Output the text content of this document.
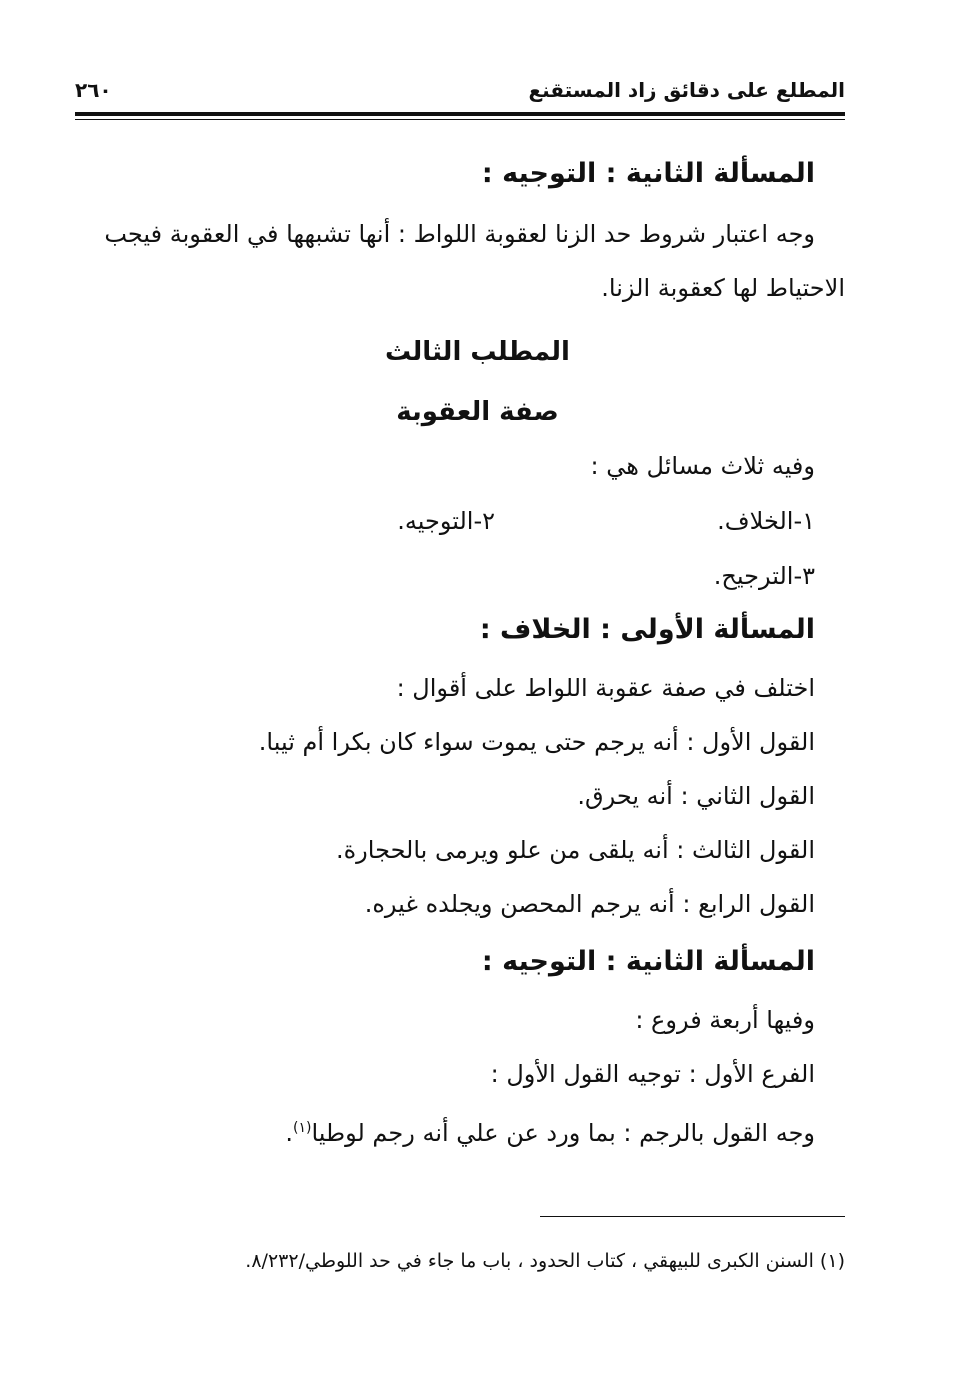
المطلع على دقائق زاد المستقنع
٢٦٠
المسألة الثانية : التوجيه :
وجه اعتبار شروط حد الزنا لعقوبة اللواط : أنها تشبهها في العقوبة فيجب
الاحتياط لها كعقوبة الزنا.
المطلب الثالث
صفة العقوبة
وفيه ثلاث مسائل هي :
١-الخلاف.
٢-التوجيه.
٣-الترجيح.
المسألة الأولى : الخلاف :
اختلف في صفة عقوبة اللواط على أقوال :
القول الأول : أنه يرجم حتى يموت سواء كان بكرا أم ثيبا.
القول الثاني : أنه يحرق.
القول الثالث : أنه يلقى من علو ويرمى بالحجارة.
القول الرابع : أنه يرجم المحصن ويجلده غيره.
المسألة الثانية : التوجيه :
وفيها أربعة فروع :
الفرع الأول : توجيه القول الأول :
وجه القول بالرجم : بما ورد عن علي أنه رجم لوطيا$^{(١)}$.
(١) السنن الكبرى للبيهقي ، كتاب الحدود ، باب ما جاء في حد اللوطي/٨/٢٣٢.
